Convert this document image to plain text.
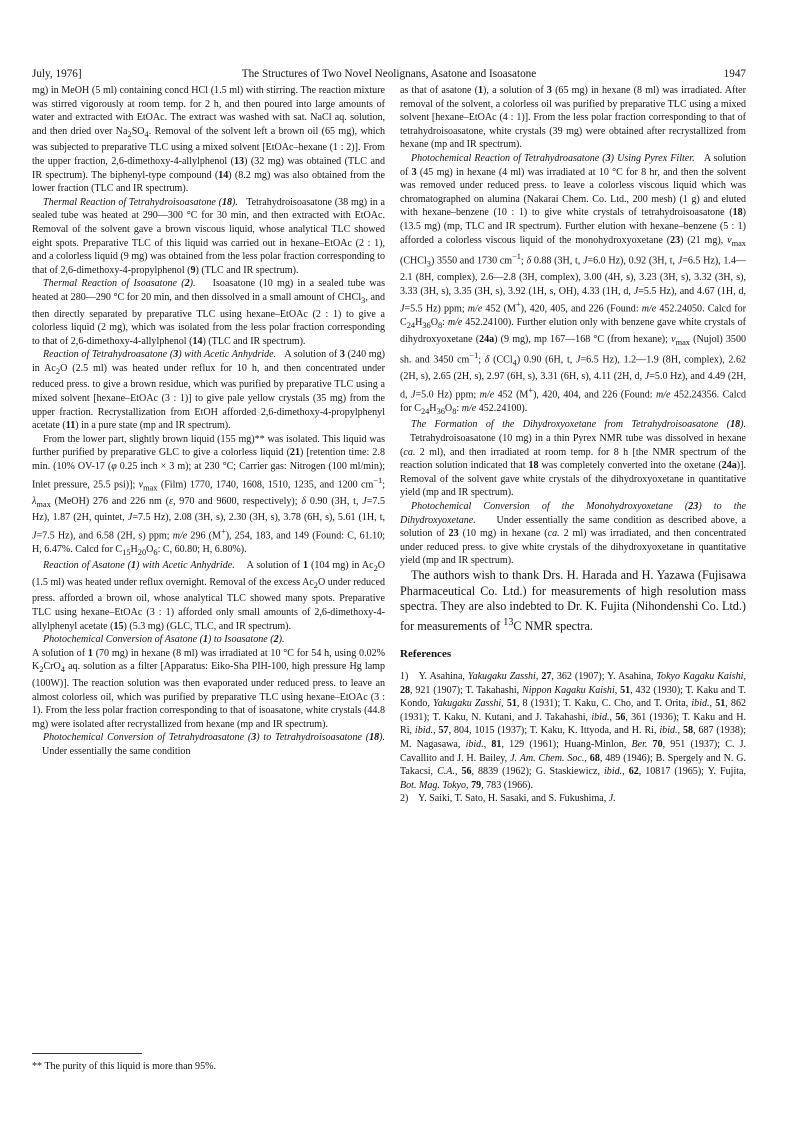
July, 1976]	The Structures of Two Novel Neolignans, Asatone and Isoasatone	1947

mg) in MeOH (5 ml) containing concd HCl (1.5 ml) with stirring. The reaction mixture was stirred vigorously at room temp. for 2 h, and then poured into large amounts of water and extracted with EtOAc. The extract was washed with sat. NaCl aq. solution, and then dried over $Na_2SO_4$. Removal of the solvent left a brown oil (65 mg), which was subjected to preparative TLC using a mixed solvent [EtOAc–hexane (1 : 2)]. From the upper fraction, 2,6-dimethoxy-4-allylphenol (13) (32 mg) was obtained (TLC and IR spectrum). The biphenyl-type compound (14) (8.2 mg) was also obtained from the lower fraction (TLC and IR spectrum).

Thermal Reaction of Tetrahydroisoasatone (18).   Tetrahydroisoasatone (38 mg) in a sealed tube was heated at 290—300 °C for 30 min, and then extracted with EtOAc. Removal of the solvent gave a brown viscous liquid, whose analytical TLC showed eight spots. Preparative TLC of this liquid was carried out in hexane–EtOAc (2 : 1), and a colorless liquid (9 mg) was obtained from the less polar fraction corresponding to that of 2,6-dimethoxy-4-propylphenol (9) (TLC and IR spectrum).

Thermal Reaction of Isoasatone (2).    Isoasatone (10 mg) in a sealed tube was heated at 280—290 °C for 20 min, and then dissolved in a small amount of CHCl$_3$, and then directly separated by preparative TLC using hexane–EtOAc (2 : 1) to give a colorless liquid (2 mg), which was isolated from the less polar fraction corresponding to that of 2,6-dimethoxy-4-allylphenol (14) (TLC and IR spectrum).

Reaction of Tetrahydroasatone (3) with Acetic Anhydride.   A solution of 3 (240 mg) in $Ac_2O$ (2.5 ml) was heated under reflux for 10 h, and then concentrated under reduced press. to give a brown residue, which was purified by preparative TLC using a mixed solvent [hexane–EtOAc (3 : 1)] to give pale yellow crystals (35 mg) from the upper fraction. Recrystallization from EtOH afforded 2,6-dimethoxy-4-propylphenyl acetate (11) in a pure state (mp and IR spectrum).

From the lower part, slightly brown liquid (155 mg)** was isolated. This liquid was further purified by preparative GLC to give a colorless liquid (21) [retention time: 2.8 min. (10% OV-17 (φ 0.25 inch × 3 m); at 230 °C; Carrier gas: Nitrogen (100 ml/min); Inlet pressure, 25.5 psi)]; $\nu_{max}$ (Film) 1770, 1740, 1608, 1510, 1235, and 1200 $cm^{-1}$; $\lambda_{max}$ (MeOH) 276 and 226 nm (ε, 970 and 9600, respectively); δ 0.90 (3H, t, J=7.5 Hz), 1.87 (2H, quintet, J=7.5 Hz), 2.08 (3H, s), 2.30 (3H, s), 3.78 (6H, s), 5.61 (1H, t, J=7.5 Hz), and 6.58 (2H, s) ppm; m/e 296 (M+), 254, 183, and 149 (Found: C, 61.10; H, 6.47%. Calcd for $C_{15}H_{20}O_6$: C, 60.80; H, 6.80%).

Reaction of Asatone (1) with Acetic Anhydride.    A solution of 1 (104 mg) in $Ac_2O$ (1.5 ml) was heated under reflux overnight. Removal of the excess $Ac_2O$ under reduced press. afforded a brown oil, whose analytical TLC showed many spots. Preparative TLC using hexane–EtOAc (3 : 1) afforded only small amounts of 2,6-dimethoxy-4-allylphenyl acetate (15) (5.3 mg) (GLC, TLC, and IR spectrum).

Photochemical Conversion of Asatone (1) to Isoasatone (2).

A solution of 1 (70 mg) in hexane (8 ml) was irradiated at 10 °C for 54 h, using 0.02% $K_2CrO_4$ aq. solution as a filter [Apparatus: Eiko-Sha PIH-100, high pressure Hg lamp (100W)]. The reaction solution was then evaporated under reduced press. to leave an almost colorless oil, which was purified by preparative TLC using hexane–EtOAc (3 : 1). From the less polar fraction corresponding to that of isoasatone, white crystals (44.8 mg) were isolated after recrystallized from hexane (mp and IR spectrum).

Photochemical Conversion of Tetrahydroasatone (3) to Tetrahydroisoasatone (18).     Under essentially the same condition

as that of asatone (1), a solution of 3 (65 mg) in hexane (8 ml) was irradiated. After removal of the solvent, a colorless oil was purified by preparative TLC using a mixed solvent [hexane–EtOAc (4 : 1)]. From the less polar fraction corresponding to that of tetrahydroisoasatone, white crystals (39 mg) were obtained after recrystallized from hexane (mp and IR spectrum).

Photochemical Reaction of Tetrahydroasatone (3) Using Pyrex Filter.   A solution of 3 (45 mg) in hexane (4 ml) was irradiated at 10 °C for 8 hr, and then the solvent was removed under reduced press. to leave a colorless viscous liquid which was chromatographed on alumina (Nakarai Chem. Co. Ltd., 200 mesh) (1 g) and eluted with hexane–benzene (10 : 1) to give white crystals of tetrahydroisoasatone (18) (13.5 mg) (mp, TLC and IR spectrum). Further elution with hexane–benzene (5 : 1) afforded a colorless viscous liquid of the monohydroxyoxetane (23) (21 mg), $\nu_{max}$ (CHCl$_3$) 3550 and 1730 $cm^{-1}$; δ 0.88 (3H, t, J=6.0 Hz), 0.92 (3H, t, J=6.5 Hz), 1.4—2.1 (8H, complex), 2.6—2.8 (3H, complex), 3.00 (4H, s), 3.23 (3H, s), 3.32 (3H, s), 3.33 (3H, s), 3.35 (3H, s), 3.92 (1H, s, OH), 4.33 (1H, d, J=5.5 Hz), and 4.67 (1H, d, J=5.5 Hz) ppm; m/e 452 (M+), 420, 405, and 226 (Found: m/e 452.24050. Calcd for $C_{24}H_{36}O_8$: m/e 452.24100). Further elution only with benzene gave white crystals of dihydroxyoxetane (24a) (9 mg), mp 167—168 °C (from hexane); $\nu_{max}$ (Nujol) 3500 sh. and 3450 $cm^{-1}$; δ (CCl$_4$) 0.90 (6H, t, J=6.5 Hz), 1.2—1.9 (8H, complex), 2.62 (2H, s), 2.65 (2H, s), 2.97 (6H, s), 3.31 (6H, s), 4.11 (2H, d, J=5.0 Hz), and 4.49 (2H, d, J=5.0 Hz) ppm; m/e 452 (M+), 420, 404, and 226 (Found: m/e 452.24356. Calcd for $C_{24}H_{36}O_8$: m/e 452.24100).

The Formation of the Dihydroxyoxetane from Tetrahydroisoasatone (18).    Tetrahydroisoasatone (10 mg) in a thin Pyrex NMR tube was dissolved in hexane (ca. 2 ml), and then irradiated at room temp. for 8 h [the NMR spectrum of the reaction solution indicated that 18 was completely converted into the oxetane (24a)]. Removal of the solvent gave white crystals of the dihydroxyoxetane in quantitative yield (mp and IR spectrum).

Photochemical Conversion of the Monohydroxyoxetane (23) to the Dihydroxyoxetane.     Under essentially the same condition as described above, a solution of 23 (10 mg) in hexane (ca. 2 ml) was irradiated, and then concentrated under reduced press. to give white crystals of the dihydroxyoxetane in quantitative yield (mp and IR spectrum).

The authors wish to thank Drs. H. Harada and H. Yazawa (Fujisawa Pharmaceutical Co. Ltd.) for measurements of high resolution mass spectra. They are also indebted to Dr. K. Fujita (Nihondenshi Co. Ltd.) for measurements of $^{13}$C NMR spectra.

References

1) Y. Asahina, Yakugaku Zasshi, 27, 362 (1907); Y. Asahina, Tokyo Kagaku Kaishi, 28, 921 (1907); T. Takahashi, Nippon Kagaku Kaishi, 51, 432 (1930); T. Kaku and T. Kondo, Yakugaku Zasshi, 51, 8 (1931); T. Kaku, C. Cho, and T. Orita, ibid., 51, 862 (1931); T. Kaku, N. Kutani, and J. Takahashi, ibid., 56, 361 (1936); T. Kaku and H. Ri, ibid., 57, 804, 1015 (1937); T. Kaku, K. Ittyoda, and H. Ri, ibid., 58, 687 (1938); M. Nagasawa, ibid., 81, 129 (1961); Huang-Minlon, Ber. 70, 951 (1937); C. J. Cavallito and J. H. Bailey, J. Am. Chem. Soc., 68, 489 (1946); B. Spergely and N. G. Takacsi, C.A., 56, 8839 (1962); G. Staskiewicz, ibid., 62, 10817 (1965); Y. Fujita, Bot. Mag. Tokyo, 79, 783 (1966).

2) Y. Saiki, T. Sato, H. Sasaki, and S. Fukushima, J.

** The purity of this liquid is more than 95%.
